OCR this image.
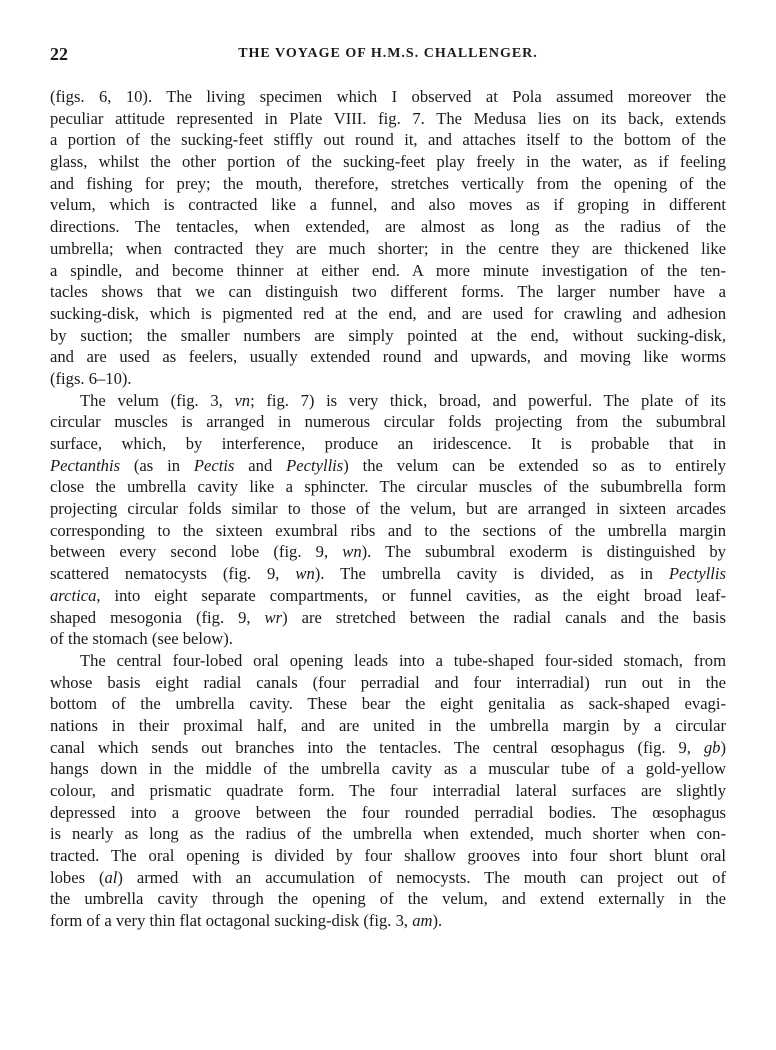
22	THE VOYAGE OF H.M.S. CHALLENGER.
(figs. 6, 10). The living specimen which I observed at Pola assumed moreover the
peculiar attitude represented in Plate VIII. fig. 7. The Medusa lies on its back, extends
a portion of the sucking-feet stiffly out round it, and attaches itself to the bottom of the
glass, whilst the other portion of the sucking-feet play freely in the water, as if feeling
and fishing for prey; the mouth, therefore, stretches vertically from the opening of the
velum, which is contracted like a funnel, and also moves as if groping in different
directions. The tentacles, when extended, are almost as long as the radius of the
umbrella; when contracted they are much shorter; in the centre they are thickened like
a spindle, and become thinner at either end. A more minute investigation of the ten-
tacles shows that we can distinguish two different forms. The larger number have a
sucking-disk, which is pigmented red at the end, and are used for crawling and adhesion
by suction; the smaller numbers are simply pointed at the end, without sucking-disk,
and are used as feelers, usually extended round and upwards, and moving like worms
(figs. 6–10).
The velum (fig. 3, vn; fig. 7) is very thick, broad, and powerful. The plate of its
circular muscles is arranged in numerous circular folds projecting from the subumbral
surface, which, by interference, produce an iridescence. It is probable that in
Pectanthis (as in Pectis and Pectyllis) the velum can be extended so as to entirely
close the umbrella cavity like a sphincter. The circular muscles of the subumbrella form
projecting circular folds similar to those of the velum, but are arranged in sixteen arcades
corresponding to the sixteen exumbral ribs and to the sections of the umbrella margin
between every second lobe (fig. 9, wn). The subumbral exoderm is distinguished by
scattered nematocysts (fig. 9, wn). The umbrella cavity is divided, as in Pectyllis
arctica, into eight separate compartments, or funnel cavities, as the eight broad leaf-
shaped mesogonia (fig. 9, wr) are stretched between the radial canals and the basis
of the stomach (see below).
The central four-lobed oral opening leads into a tube-shaped four-sided stomach, from
whose basis eight radial canals (four perradial and four interradial) run out in the
bottom of the umbrella cavity. These bear the eight genitalia as sack-shaped evagi-
nations in their proximal half, and are united in the umbrella margin by a circular
canal which sends out branches into the tentacles. The central œsophagus (fig. 9, gb)
hangs down in the middle of the umbrella cavity as a muscular tube of a gold-yellow
colour, and prismatic quadrate form. The four interradial lateral surfaces are slightly
depressed into a groove between the four rounded perradial bodies. The œsophagus
is nearly as long as the radius of the umbrella when extended, much shorter when con-
tracted. The oral opening is divided by four shallow grooves into four short blunt oral
lobes (al) armed with an accumulation of nemocysts. The mouth can project out of
the umbrella cavity through the opening of the velum, and extend externally in the
form of a very thin flat octagonal sucking-disk (fig. 3, am).
